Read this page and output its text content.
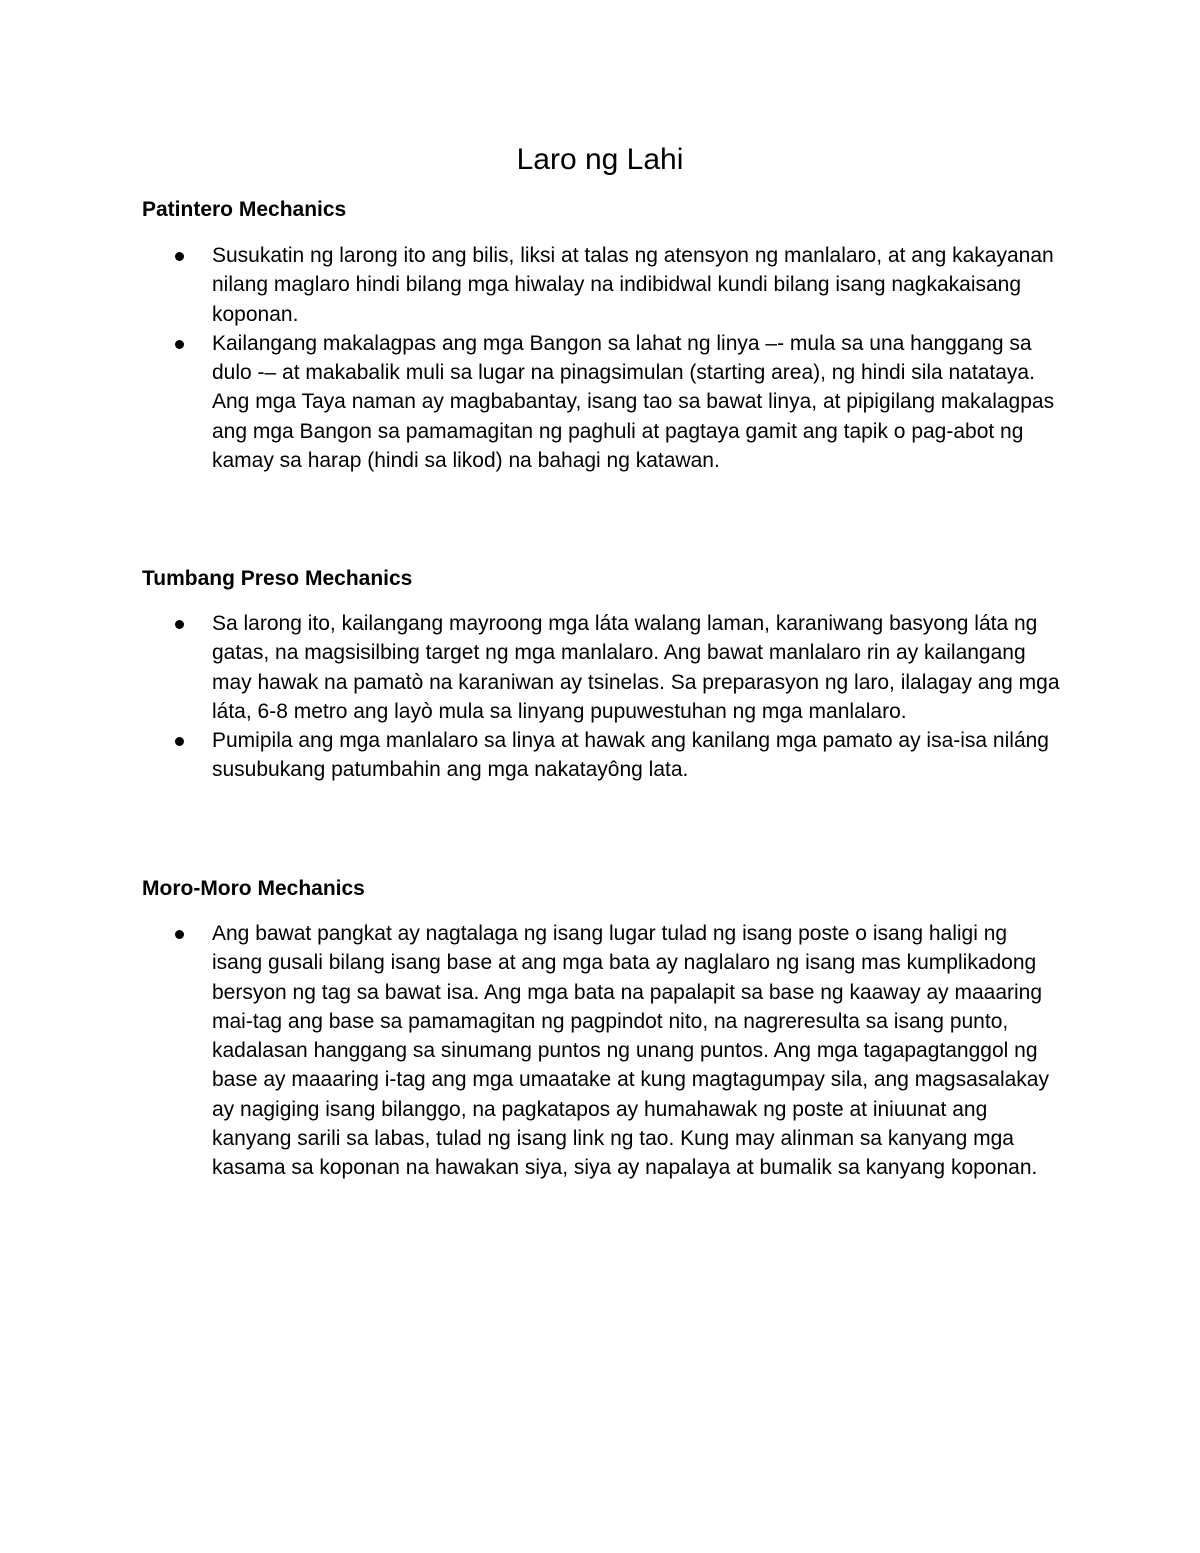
Laro ng Lahi
Patintero Mechanics
Susukatin ng larong ito ang bilis, liksi at talas ng atensyon ng manlalaro, at ang kakayanan nilang maglaro hindi bilang mga hiwalay na indibidwal kundi bilang isang nagkakaisang koponan.
Kailangang makalagpas ang mga Bangon sa lahat ng linya –- mula sa una hanggang sa dulo -– at makabalik muli sa lugar na pinagsimulan (starting area), ng hindi sila natataya. Ang mga Taya naman ay magbabantay, isang tao sa bawat linya, at pipigilang makalagpas ang mga Bangon sa pamamagitan ng paghuli at pagtaya gamit ang tapik o pag-abot ng kamay sa harap (hindi sa likod) na bahagi ng katawan.
Tumbang Preso Mechanics
Sa larong ito, kailangang mayroong mga láta walang laman, karaniwang basyong láta ng gatas, na magsisilbing target ng mga manlalaro. Ang bawat manlalaro rin ay kailangang may hawak na pamatò na karaniwan ay tsinelas. Sa preparasyon ng laro, ilalagay ang mga láta, 6-8 metro ang layò mula sa linyang pupuwestuhan ng mga manlalaro.
Pumipila ang mga manlalaro sa linya at hawak ang kanilang mga pamato ay isa-isa niláng susubukang patumbahin ang mga nakatayông lata.
Moro-Moro Mechanics
Ang bawat pangkat ay nagtalaga ng isang lugar tulad ng isang poste o isang haligi ng isang gusali bilang isang base at ang mga bata ay naglalaro ng isang mas kumplikadong bersyon ng tag sa bawat isa. Ang mga bata na papalapit sa base ng kaaway ay maaaring mai-tag ang base sa pamamagitan ng pagpindot nito, na nagreresulta sa isang punto, kadalasan hanggang sa sinumang puntos ng unang puntos. Ang mga tagapagtanggol ng base ay maaaring i-tag ang mga umaatake at kung magtagumpay sila, ang magsasalakay ay nagiging isang bilanggo, na pagkatapos ay humahawak ng poste at iniuunat ang kanyang sarili sa labas, tulad ng isang link ng tao. Kung may alinman sa kanyang mga kasama sa koponan na hawakan siya, siya ay napalaya at bumalik sa kanyang koponan.
